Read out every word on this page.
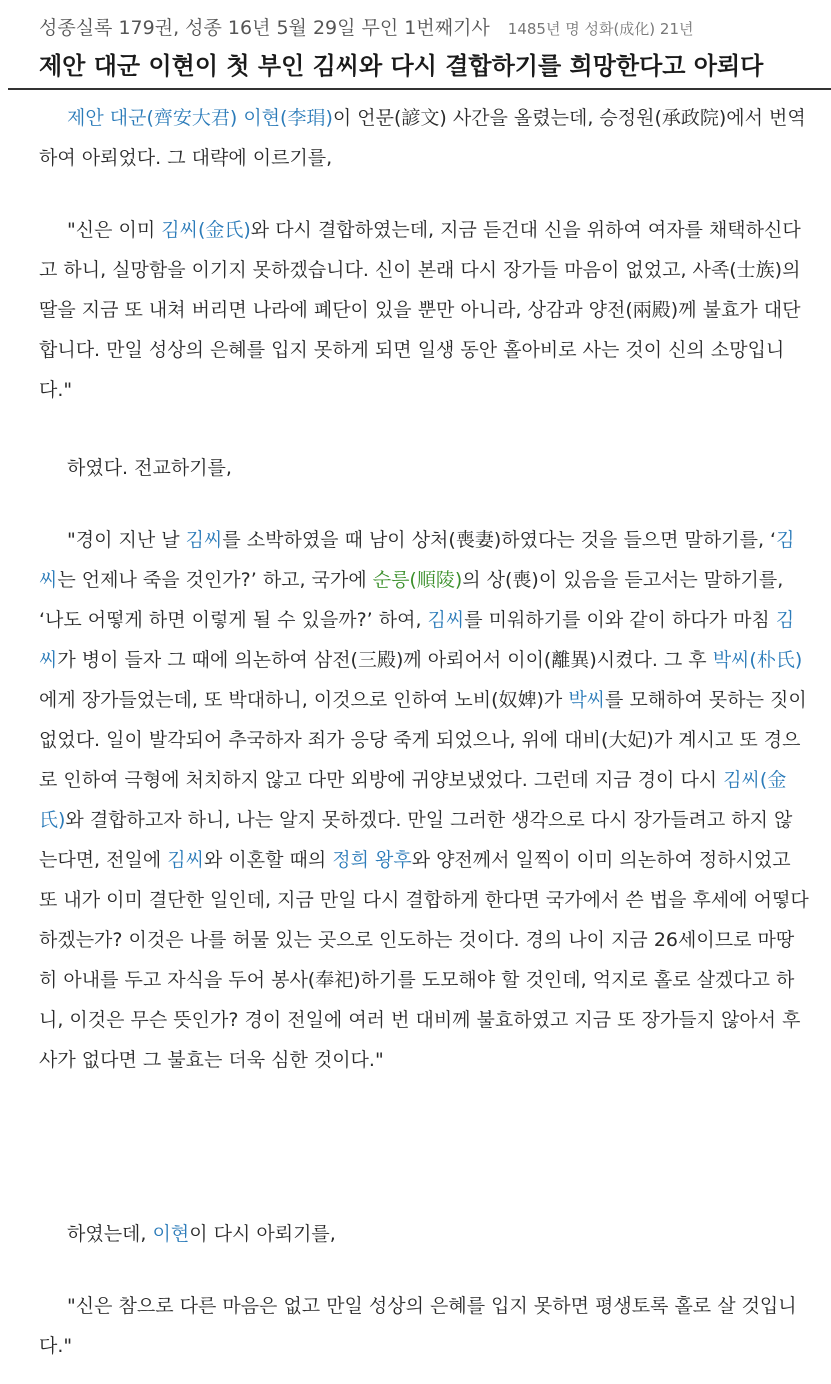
성종실록 179권, 성종 16년 5월 29일 무인 1번째기사 1485년 명 성화(成化) 21년
제안 대군 이현이 첫 부인 김씨와 다시 결합하기를 희망한다고 아뢰다
제안 대군(齊安大君) 이현(李琄)이 언문(諺文) 사간을 올렸는데, 승정원(承政院)에서 번역하여 아뢰었다. 그 대략에 이르기를,
"신은 이미 김씨(金氏)와 다시 결합하였는데, 지금 듣건대 신을 위하여 여자를 채택하신다고 하니, 실망함을 이기지 못하겠습니다. 신이 본래 다시 장가들 마음이 없었고, 사족(士族)의 딸을 지금 또 내쳐 버리면 나라에 폐단이 있을 뿐만 아니라, 상감과 양전(兩殿)께 불효가 대단합니다. 만일 성상의 은혜를 입지 못하게 되면 일생 동안 홀아비로 사는 것이 신의 소망입니다."
하였다. 전교하기를,
"경이 지난 날 김씨를 소박하였을 때 남이 상처(喪妻)하였다는 것을 들으면 말하기를, ‘김씨는 언제나 죽을 것인가?’ 하고, 국가에 순릉(順陵)의 상(喪)이 있음을 듣고서는 말하기를, ‘나도 어떻게 하면 이렇게 될 수 있을까?’ 하여, 김씨를 미워하기를 이와 같이 하다가 마침 김씨가 병이 들자 그 때에 의논하여 삼전(三殿)께 아뢰어서 이이(離異)시켰다. 그 후 박씨(朴氏)에게 장가들었는데, 또 박대하니, 이것으로 인하여 노비(奴婢)가 박씨를 모해하여 못하는 짓이 없었다. 일이 발각되어 추국하자 죄가 응당 죽게 되었으나, 위에 대비(大妃)가 계시고 또 경으로 인하여 극형에 처치하지 않고 다만 외방에 귀양보냈었다. 그런데 지금 경이 다시 김씨(金氏)와 결합하고자 하니, 나는 알지 못하겠다. 만일 그러한 생각으로 다시 장가들려고 하지 않는다면, 전일에 김씨와 이혼할 때의 정희 왕후와 양전께서 일찍이 이미 의논하여 정하시었고 또 내가 이미 결단한 일인데, 지금 만일 다시 결합하게 한다면 국가에서 쓴 법을 후세에 어떻다 하겠는가? 이것은 나를 허물 있는 곳으로 인도하는 것이다. 경의 나이 지금 26세이므로 마땅히 아내를 두고 자식을 두어 봉사(奉祀)하기를 도모해야 할 것인데, 억지로 홀로 살겠다고 하니, 이것은 무슨 뜻인가? 경이 전일에 여러 번 대비께 불효하였고 지금 또 장가들지 않아서 후사가 없다면 그 불효는 더욱 심한 것이다."
하였는데, 이현이 다시 아뢰기를,
"신은 참으로 다른 마음은 없고 만일 성상의 은혜를 입지 못하면 평생토록 홀로 살 것입니다."
